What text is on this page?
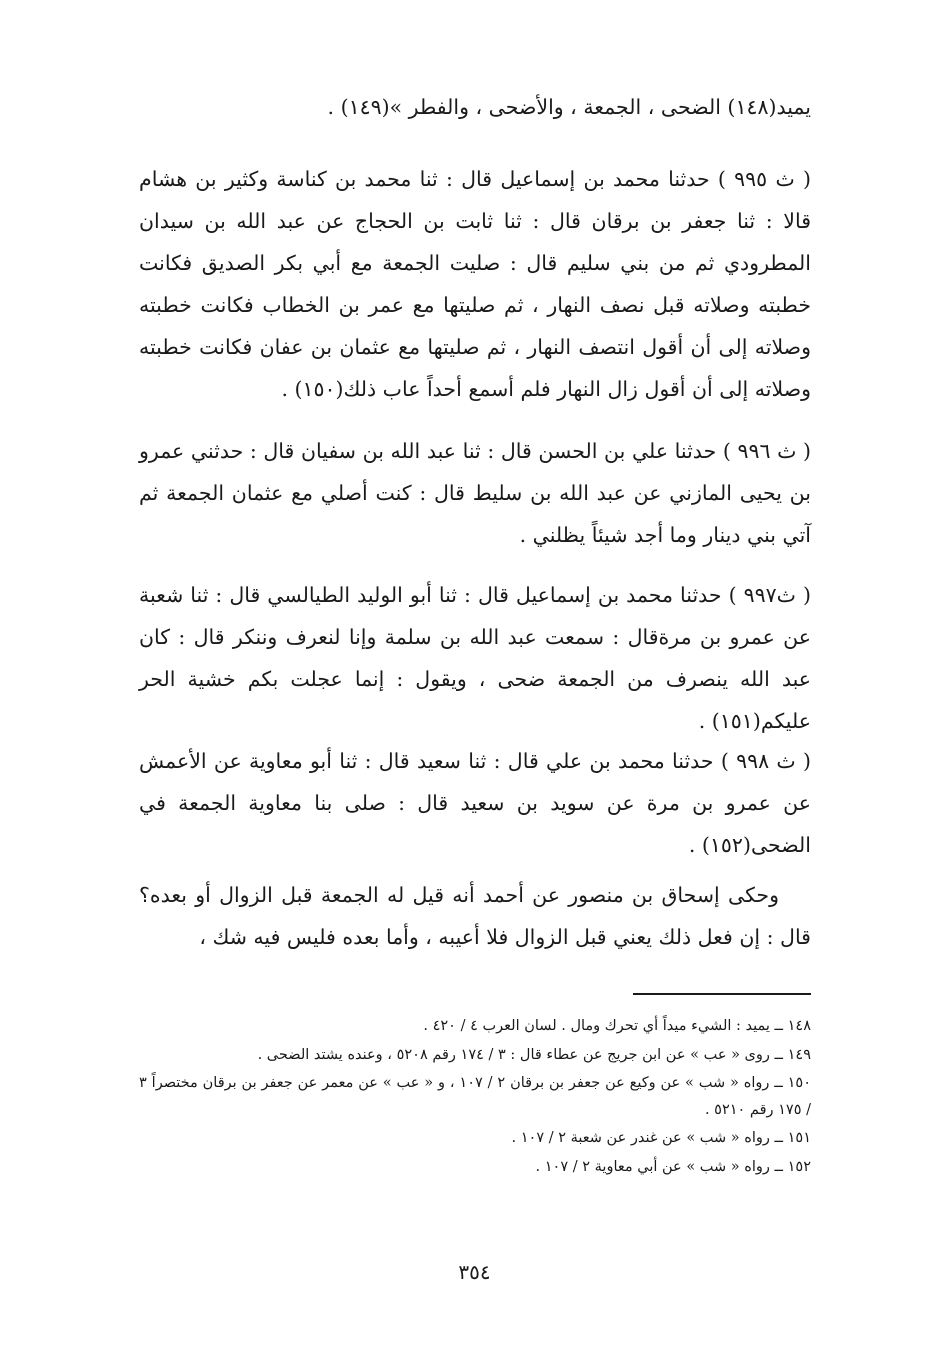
يميد(١٤٨) الضحى ، الجمعة ، والأضحى ، والفطر »(١٤٩) .

( ث ٩٩٥ ) حدثنا محمد بن إسماعيل قال : ثنا محمد بن كناسة وكثير بن هشام قالا : ثنا جعفر بن برقان قال : ثنا ثابت بن الحجاج عن عبد الله بن سيدان المطرودي ثم من بني سليم قال : صليت الجمعة مع أبي بكر الصديق فكانت خطبته وصلاته قبل نصف النهار ، ثم صليتها مع عمر بن الخطاب فكانت خطبته وصلاته إلى أن أقول انتصف النهار ، ثم صليتها مع عثمان بن عفان فكانت خطبته وصلاته إلى أن أقول زال النهار فلم أسمع أحداً عاب ذلك(١٥٠) .

( ث ٩٩٦ ) حدثنا علي بن الحسن قال : ثنا عبد الله بن سفيان قال : حدثني عمرو بن يحيى المازني عن عبد الله بن سليط قال : كنت أصلي مع عثمان الجمعة ثم آتي بني دينار وما أجد شيئاً يظلني .

( ث٩٩٧ ) حدثنا محمد بن إسماعيل قال : ثنا أبو الوليد الطيالسي قال : ثنا شعبة عن عمرو بن مرةقال : سمعت عبد الله بن سلمة وإنا لنعرف وننكر قال : كان عبد الله ينصرف من الجمعة ضحى ، ويقول : إنما عجلت بكم خشية الحر عليكم(١٥١) .

( ث ٩٩٨ ) حدثنا محمد بن علي قال : ثنا سعيد قال : ثنا أبو معاوية عن الأعمش عن عمرو بن مرة عن سويد بن سعيد قال : صلى بنا معاوية الجمعة في الضحى(١٥٢) .

وحكى إسحاق بن منصور عن أحمد أنه قيل له الجمعة قبل الزوال أو بعده؟ قال : إن فعل ذلك يعني قبل الزوال فلا أعيبه ، وأما بعده فليس فيه شك ،

١٤٨ ــ يميد : الشيء ميداً أي تحرك ومال . لسان العرب ٤ / ٤٢٠ .

١٤٩ ــ روى « عب » عن ابن جريج عن عطاء قال : ٣ / ١٧٤ رقم ٥٢٠٨ ، وعنده يشتد الضحى .

١٥٠ ــ رواه « شب » عن وكيع عن جعفر بن برقان ٢ / ١٠٧ ، و « عب » عن معمر عن جعفر بن برقان مختصراً ٣ / ١٧٥ رقم ٥٢١٠ .

١٥١ ــ رواه « شب » عن غندر عن شعبة ٢ / ١٠٧ .

١٥٢ ــ رواه « شب » عن أبي معاوية ٢ / ١٠٧ .

٣٥٤
